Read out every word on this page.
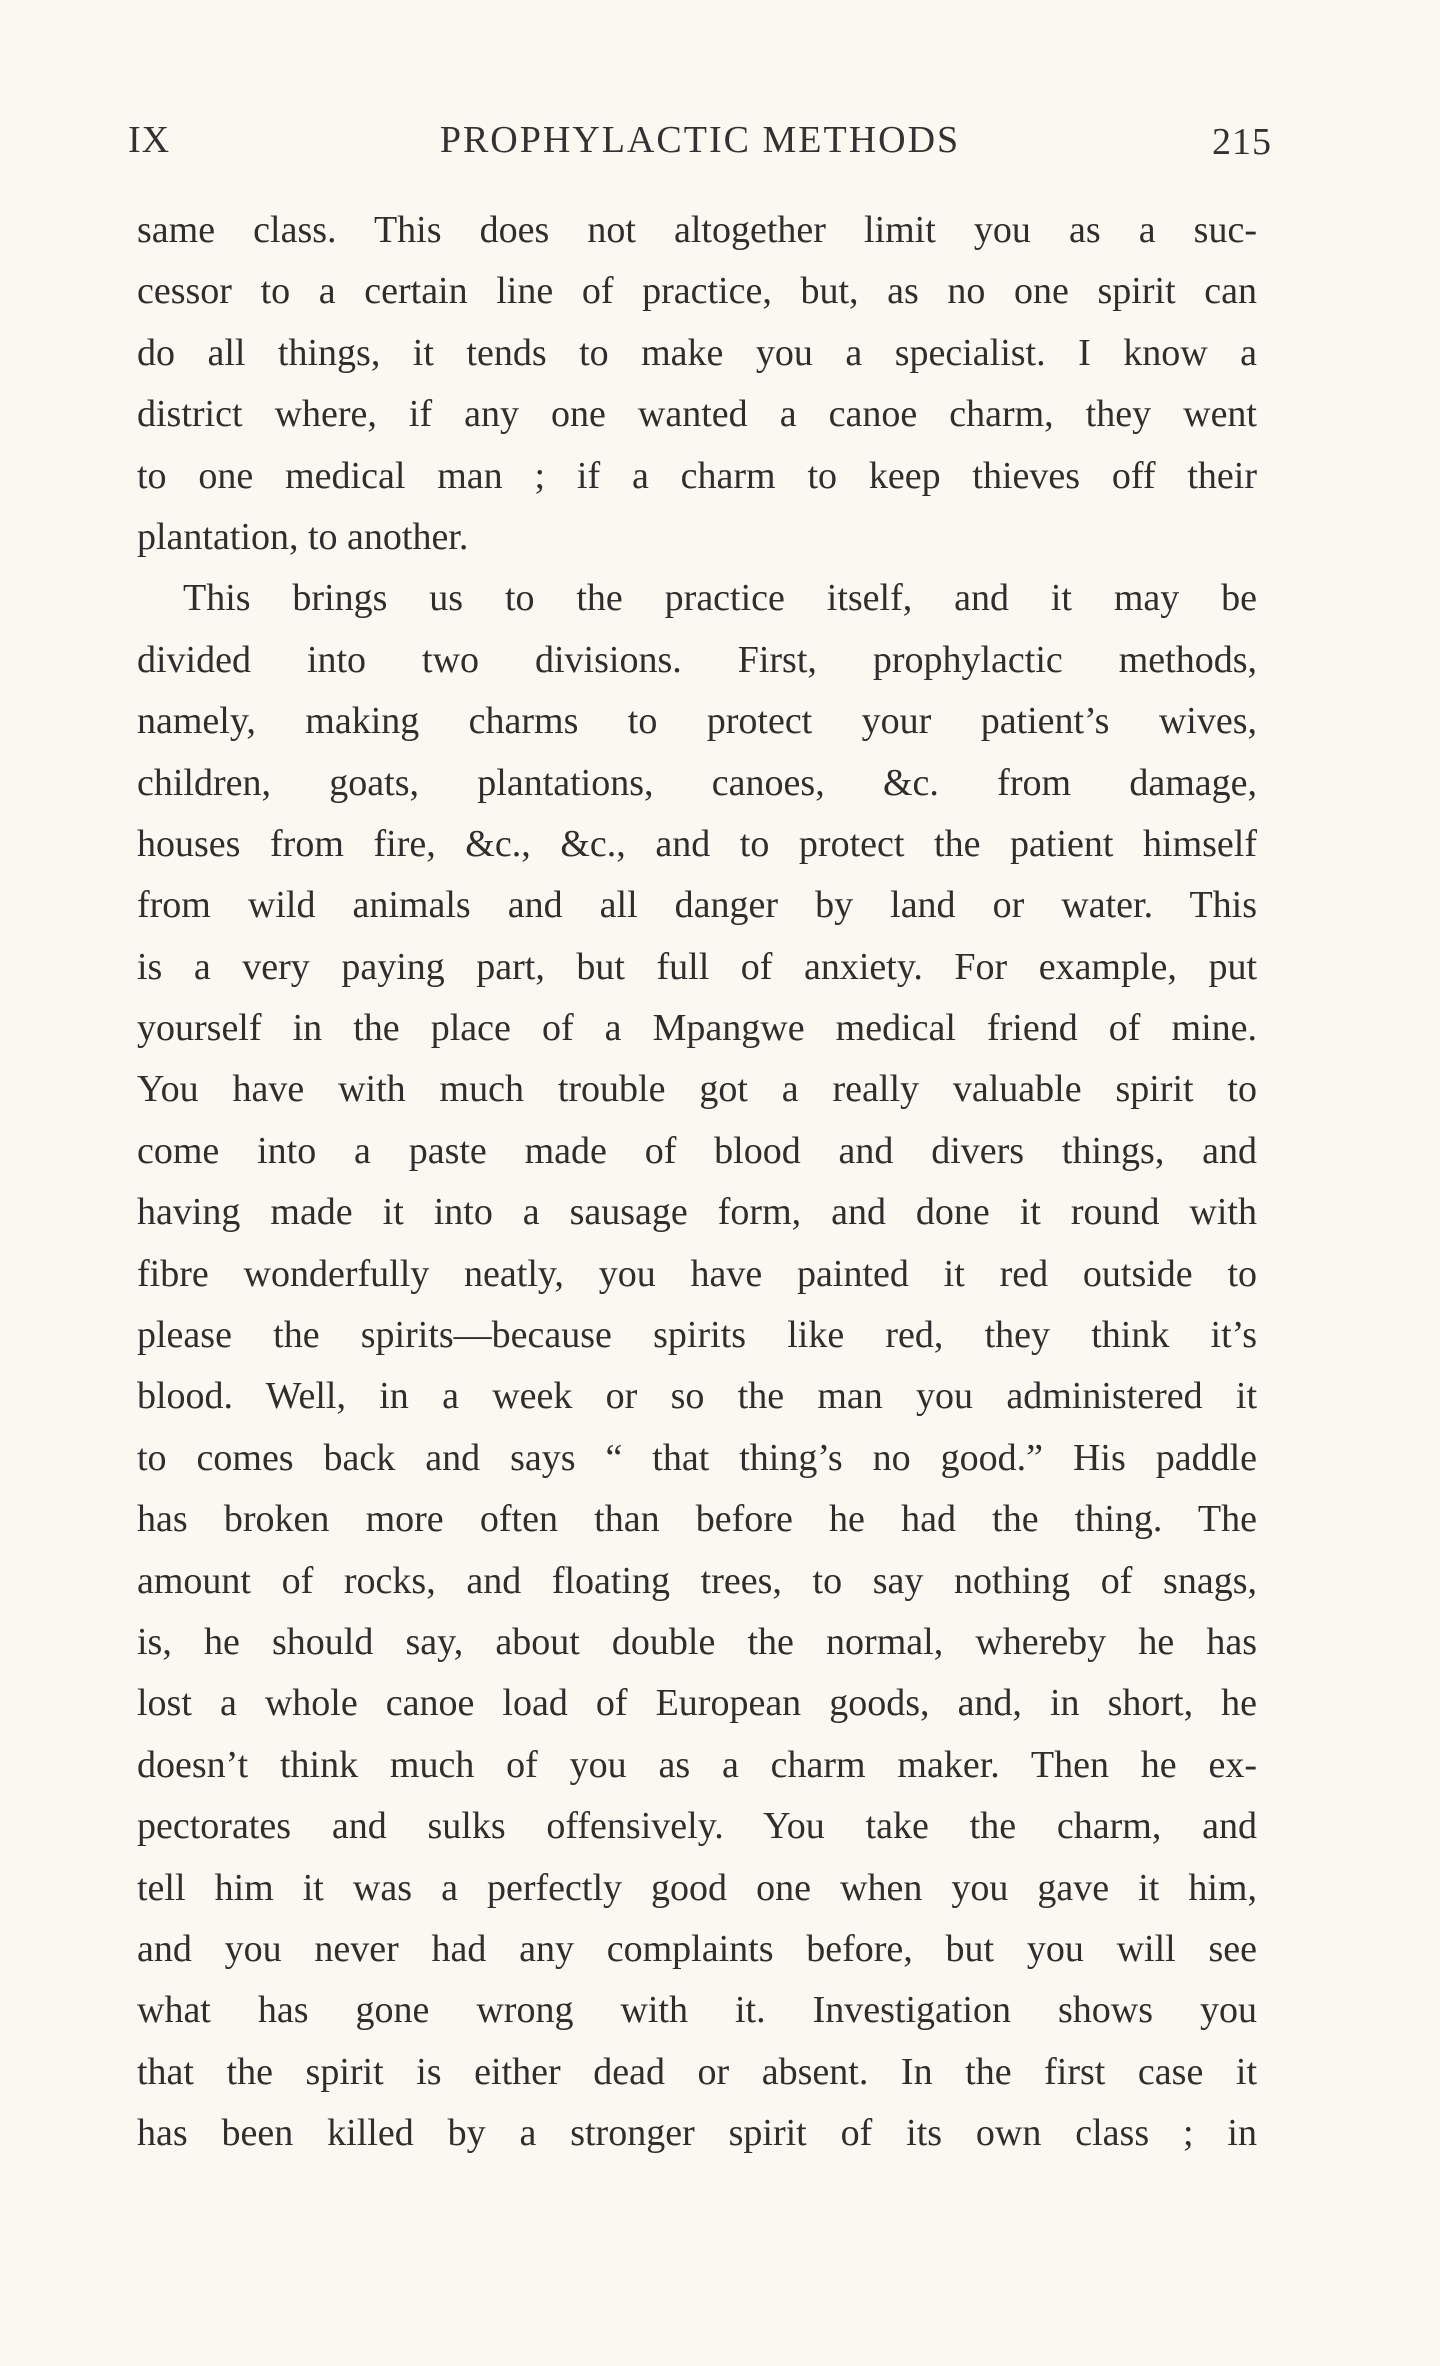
IX	PROPHYLACTIC METHODS	215
same class. This does not altogether limit you as a suc-
cessor to a certain line of practice, but, as no one spirit can
do all things, it tends to make you a specialist. I know a
district where, if any one wanted a canoe charm, they went
to one medical man ; if a charm to keep thieves off their
plantation, to another.
This brings us to the practice itself, and it may be
divided into two divisions. First, prophylactic methods,
namely, making charms to protect your patient’s wives,
children, goats, plantations, canoes, &c. from damage,
houses from fire, &c., &c., and to protect the patient himself
from wild animals and all danger by land or water. This
is a very paying part, but full of anxiety. For example, put
yourself in the place of a Mpangwe medical friend of mine.
You have with much trouble got a really valuable spirit to
come into a paste made of blood and divers things, and
having made it into a sausage form, and done it round with
fibre wonderfully neatly, you have painted it red outside to
please the spirits—because spirits like red, they think it’s
blood. Well, in a week or so the man you administered it
to comes back and says “ that thing’s no good.” His paddle
has broken more often than before he had the thing. The
amount of rocks, and floating trees, to say nothing of snags,
is, he should say, about double the normal, whereby he has
lost a whole canoe load of European goods, and, in short, he
doesn’t think much of you as a charm maker. Then he ex-
pectorates and sulks offensively. You take the charm, and
tell him it was a perfectly good one when you gave it him,
and you never had any complaints before, but you will see
what has gone wrong with it. Investigation shows you
that the spirit is either dead or absent. In the first case it
has been killed by a stronger spirit of its own class ; in
